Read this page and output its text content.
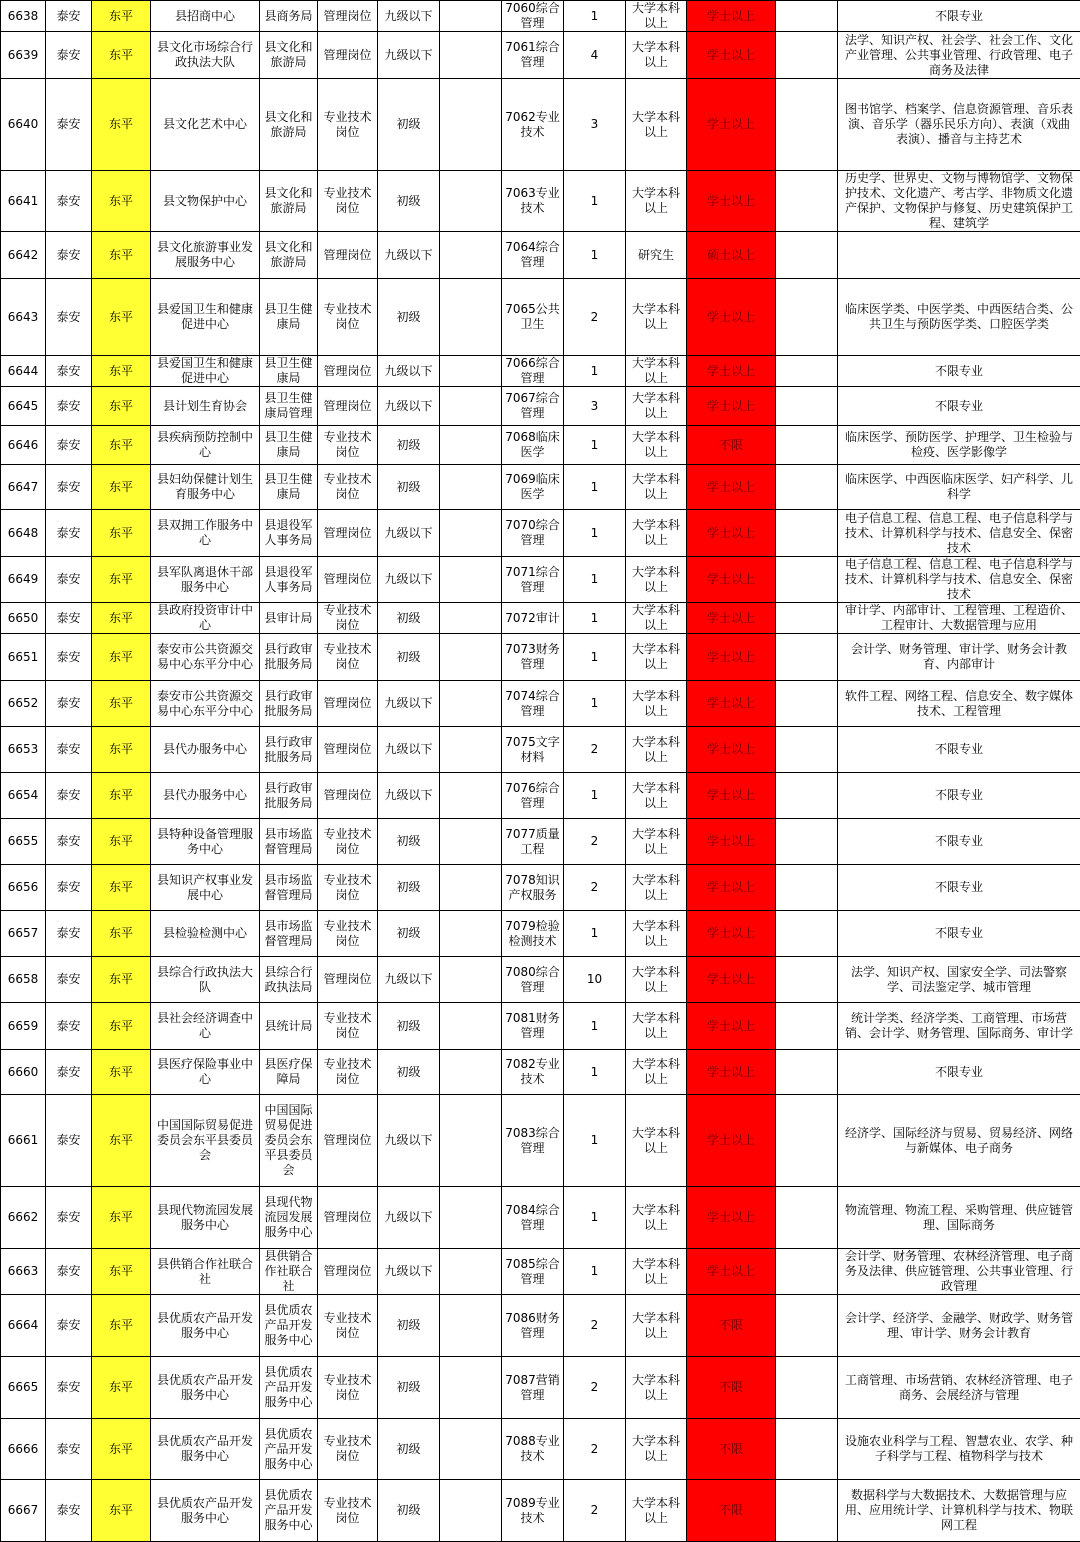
6638	泰安	东平	县招商中心	县商务局	管理岗位	九级以下		7060综合管理	1	大学本科以上	学士以上		不限专业
6639	泰安	东平	县文化市场综合行政执法大队	县文化和旅游局	管理岗位	九级以下		7061综合管理	4	大学本科以上	学士以上		法学、知识产权、社会学、社会工作、文化产业管理、公共事业管理、行政管理、电子商务及法律
6640	泰安	东平	县文化艺术中心	县文化和旅游局	专业技术岗位	初级		7062专业技术	3	大学本科以上	学士以上		图书馆学、档案学、信息资源管理、音乐表演、音乐学（器乐民乐方向）、表演（戏曲表演）、播音与主持艺术
6641	泰安	东平	县文物保护中心	县文化和旅游局	专业技术岗位	初级		7063专业技术	1	大学本科以上	学士以上		历史学、世界史、文物与博物馆学、文物保护技术、文化遗产、考古学、非物质文化遗产保护、文物保护与修复、历史建筑保护工程、建筑学
6642	泰安	东平	县文化旅游事业发展服务中心	县文化和旅游局	管理岗位	九级以下		7064综合管理	1	研究生	硕士以上		
6643	泰安	东平	县爱国卫生和健康促进中心	县卫生健康局	专业技术岗位	初级		7065公共卫生	2	大学本科以上	学士以上		临床医学类、中医学类、中西医结合类、公共卫生与预防医学类、口腔医学类
6644	泰安	东平	县爱国卫生和健康促进中心	县卫生健康局	管理岗位	九级以下		7066综合管理	1	大学本科以上	学士以上		不限专业
6645	泰安	东平	县计划生育协会	县卫生健康局管理	管理岗位	九级以下		7067综合管理	3	大学本科以上	学士以上		不限专业
6646	泰安	东平	县疾病预防控制中心	县卫生健康局	专业技术岗位	初级		7068临床医学	1	大学本科以上	不限		临床医学、预防医学、护理学、卫生检验与检疫、医学影像学
6647	泰安	东平	县妇幼保健计划生育服务中心	县卫生健康局	专业技术岗位	初级		7069临床医学	1	大学本科以上	学士以上		临床医学、中西医临床医学、妇产科学、儿科学
6648	泰安	东平	县双拥工作服务中心	县退役军人事务局	管理岗位	九级以下		7070综合管理	1	大学本科以上	学士以上		电子信息工程、信息工程、电子信息科学与技术、计算机科学与技术、信息安全、保密技术
6649	泰安	东平	县军队离退休干部服务中心	县退役军人事务局	管理岗位	九级以下		7071综合管理	1	大学本科以上	学士以上		电子信息工程、信息工程、电子信息科学与技术、计算机科学与技术、信息安全、保密技术
6650	泰安	东平	县政府投资审计中心	县审计局	专业技术岗位	初级		7072审计	1	大学本科以上	学士以上		审计学、内部审计、工程管理、工程造价、工程审计、大数据管理与应用
6651	泰安	东平	泰安市公共资源交易中心东平分中心	县行政审批服务局	专业技术岗位	初级		7073财务管理	1	大学本科以上	学士以上		会计学、财务管理、审计学、财务会计教育、内部审计
6652	泰安	东平	泰安市公共资源交易中心东平分中心	县行政审批服务局	管理岗位	九级以下		7074综合管理	1	大学本科以上	学士以上		软件工程、网络工程、信息安全、数字媒体技术、工程管理
6653	泰安	东平	县代办服务中心	县行政审批服务局	管理岗位	九级以下		7075文字材料	2	大学本科以上	学士以上		不限专业
6654	泰安	东平	县代办服务中心	县行政审批服务局	管理岗位	九级以下		7076综合管理	1	大学本科以上	学士以上		不限专业
6655	泰安	东平	县特种设备管理服务中心	县市场监督管理局	专业技术岗位	初级		7077质量工程	2	大学本科以上	学士以上		不限专业
6656	泰安	东平	县知识产权事业发展中心	县市场监督管理局	专业技术岗位	初级		7078知识产权服务	2	大学本科以上	学士以上		不限专业
6657	泰安	东平	县检验检测中心	县市场监督管理局	专业技术岗位	初级		7079检验检测技术	1	大学本科以上	学士以上		不限专业
6658	泰安	东平	县综合行政执法大队	县综合行政执法局	管理岗位	九级以下		7080综合管理	10	大学本科以上	学士以上		法学、知识产权、国家安全学、司法警察学、司法鉴定学、城市管理
6659	泰安	东平	县社会经济调查中心	县统计局	专业技术岗位	初级		7081财务管理	1	大学本科以上	学士以上		统计学类、经济学类、工商管理、市场营销、会计学、财务管理、国际商务、审计学
6660	泰安	东平	县医疗保险事业中心	县医疗保障局	专业技术岗位	初级		7082专业技术	1	大学本科以上	学士以上		不限专业
6661	泰安	东平	中国国际贸易促进委员会东平县委员会	中国国际贸易促进委员会东平县委员会	管理岗位	九级以下		7083综合管理	1	大学本科以上	学士以上		经济学、国际经济与贸易、贸易经济、网络与新媒体、电子商务
6662	泰安	东平	县现代物流园发展服务中心	县现代物流园发展服务中心	管理岗位	九级以下		7084综合管理	1	大学本科以上	学士以上		物流管理、物流工程、采购管理、供应链管理、国际商务
6663	泰安	东平	县供销合作社联合社	县供销合作社联合社	管理岗位	九级以下		7085综合管理	1	大学本科以上	学士以上		会计学、财务管理、农林经济管理、电子商务及法律、供应链管理、公共事业管理、行政管理
6664	泰安	东平	县优质农产品开发服务中心	县优质农产品开发服务中心	专业技术岗位	初级		7086财务管理	2	大学本科以上	不限		会计学、经济学、金融学、财政学、财务管理、审计学、财务会计教育
6665	泰安	东平	县优质农产品开发服务中心	县优质农产品开发服务中心	专业技术岗位	初级		7087营销管理	2	大学本科以上	不限		工商管理、市场营销、农林经济管理、电子商务、会展经济与管理
6666	泰安	东平	县优质农产品开发服务中心	县优质农产品开发服务中心	专业技术岗位	初级		7088专业技术	2	大学本科以上	不限		设施农业科学与工程、智慧农业、农学、种子科学与工程、植物科学与技术
6667	泰安	东平	县优质农产品开发服务中心	县优质农产品开发服务中心	专业技术岗位	初级		7089专业技术	2	大学本科以上	不限		数据科学与大数据技术、大数据管理与应用、应用统计学、计算机科学与技术、物联网工程
